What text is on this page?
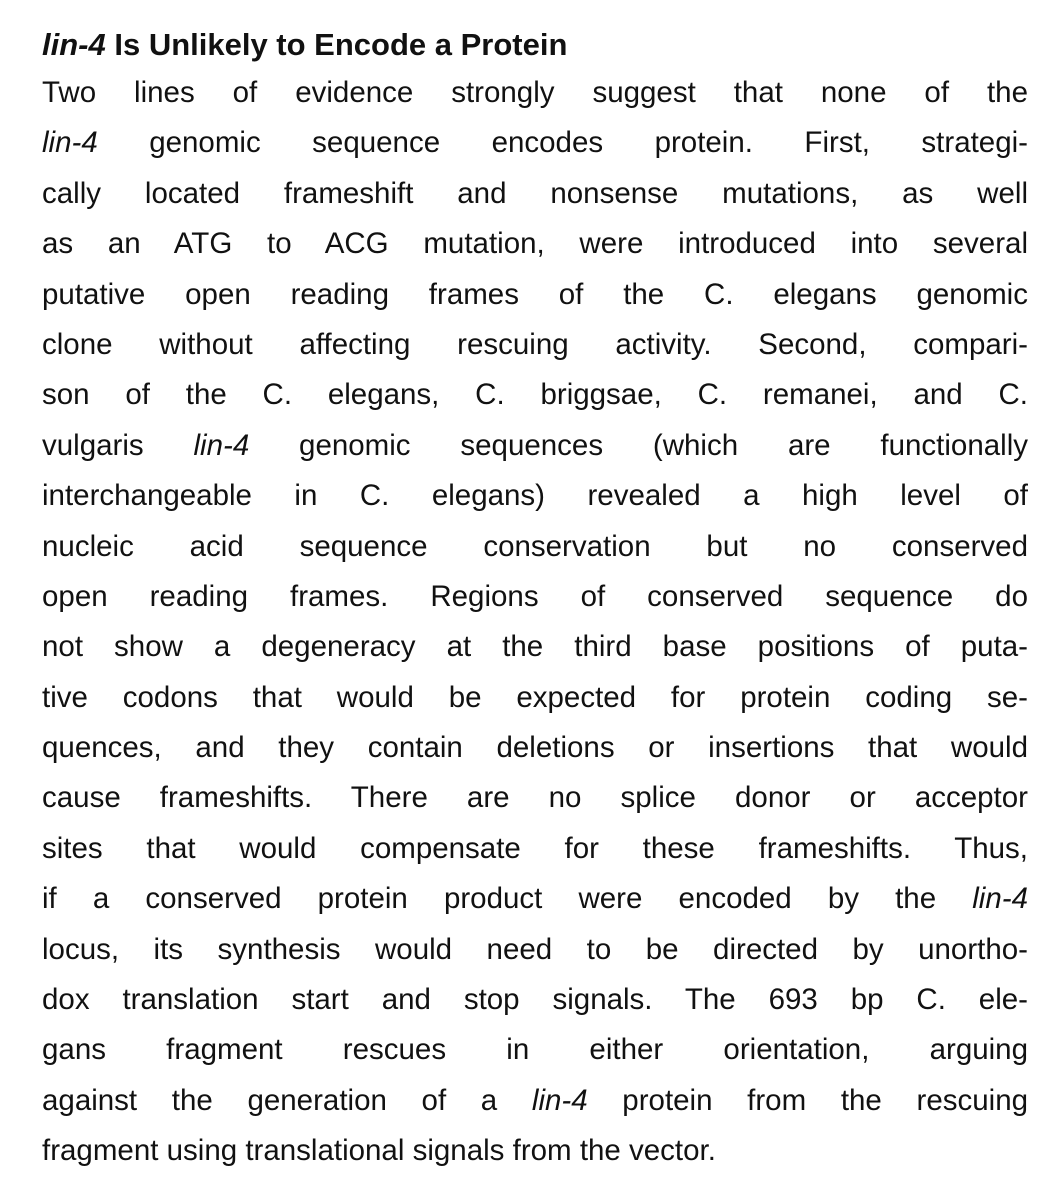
lin-4 Is Unlikely to Encode a Protein
Two lines of evidence strongly suggest that none of the
lin-4 genomic sequence encodes protein. First, strategi-
cally located frameshift and nonsense mutations, as well
as an ATG to ACG mutation, were introduced into several
putative open reading frames of the C. elegans genomic
clone without affecting rescuing activity. Second, compari-
son of the C. elegans, C. briggsae, C. remanei, and C.
vulgaris lin-4 genomic sequences (which are functionally
interchangeable in C. elegans) revealed a high level of
nucleic acid sequence conservation but no conserved
open reading frames. Regions of conserved sequence do
not show a degeneracy at the third base positions of puta-
tive codons that would be expected for protein coding se-
quences, and they contain deletions or insertions that would
cause frameshifts. There are no splice donor or acceptor
sites that would compensate for these frameshifts. Thus,
if a conserved protein product were encoded by the lin-4
locus, its synthesis would need to be directed by unortho-
dox translation start and stop signals. The 693 bp C. ele-
gans fragment rescues in either orientation, arguing
against the generation of a lin-4 protein from the rescuing
fragment using translational signals from the vector.
